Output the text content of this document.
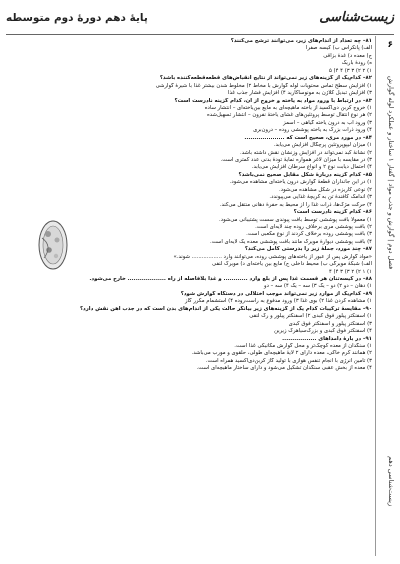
زیست‌شناسی
پایهٔ دهم دورهٔ دوم متوسطه
۶
فصل دوم | گوارش و جذب مواد | گفتار ۱ ساختار و عملکرد لوله گوارش
زیست‌شناسی دهم
۸۱– چه تعداد از اندام‌های زیر، می‌توانند ترشح می‌کنند؟
الف) پانکراس ب) کیسه صفرا
ج) معده د) غدهٔ بزاقی
ه) رودهٔ باریک
۱) ۲ ۲) ۳ ۳) ۴ ۴) ۵
۸۲– کدام‌یک از گزینه‌های زیر نمی‌تواند از نتایج انقباض‌های قطعه‌قطعه‌کننده باشد؟
۱) افزایش سطح تماس محتویات لوله گوارش با مخاط ۲) مخلوط شدن بیشتر غذا با شیرهٔ گوارشی
۳) افزایش تبدیل کلاژن به مونوساکارید ۴) افزایش فشار جذب غذا
۸۳– در ارتباط با ورود مواد به یاخته و خروج از آن، کدام گزینه نادرست است؟
۱) خروج کربن دی‌اکسید از یاخته ماهیچه‌ای به مایع بین‌یاخته‌ای – انتشار ساده
۲) هر نوع انتقال توسط پروتئین‌های غشای یاختهٔ نفرون – انتشار تسهیل‌شده
۳) ورود آب به درون یاخته گیاهی – اسمز
۴) ورود ذرات بزرگ به یاخته پوششی روده – درون‌بری
۸۴– در مورد مری، صحیح است که ....................
۱) میزان لیپوپروتئین پرچگال افزایش می‌یابد.
۲) نشانهٔ کبد نمی‌تواند در افزایش وزنشان نقش داشته باشد.
۳) در مقایسه با میزان لاغر همواره نمایهٔ تودهٔ بدنی عدد کمتری است.
۴) احتمال دیابت نوع ۲ و انواع سرطان افزایش می‌یابد.
۸۵– کدام گزینه دربارهٔ شکل مقابل صحیح نمی‌باشد؟
۱) در این جانداران قطعهٔ گوارش درون یاخته‌ای مشاهده می‌شود.
۲) نوعی کاریزه در شکل مشاهده می‌شود.
۳) اندامک کافندهٔ تن به کریچهٔ غذایی می‌پیوندد.
۴) حرکت مژک‌ها، ذرات غذا را از محیط به حفرهٔ دهانی منتقل می‌کند.
۸۶– کدام گزینه نادرست است؟
۱) معمولاً بافت پوششی توسط بافت پیوندی سست پشتیبانی می‌شود.
۲) بافت پوششی مری برخلاف روده چند لایه‌ای است.
۳) بافت پوششی روده برخلاف کردند از نوع مکعبی است.
۴) بافت پوششی دیوارهٔ مویرگ مانند بافت پوششی معده یک لایه‌ای است.
۸۷– چند مورد، جملهٔ زیر را بدرستی کامل می‌کند؟
«مواد گوارش پس از عبور از یاخته‌های پوششی روده، می‌توانند وارد .................. شوند.»
الف) شبکهٔ مویرگی ب) محیط داخلی ج) مایع بین یاخته‌ای د) مویرگ لنفی
۱) ۱ ۲) ۲ ۳) ۳ ۴) ۴
۸۸– در کیسه‌تنان هر قسمت غذا پس از بلع وارد ............ و غذا بلافاصله از راه ................... خارج می‌شود.
۱) دهان – دو ۲) دو – یک ۳) سه – یک ۴) سه – دو
۸۹– کدام‌یک از موارد زیر نمی‌تواند موجب اختلالی در دستگاه گوارش شود؟
۱) مشاهده کردن غذا ۲) بوی غذا ۳) ورود مدفوع به راست‌روده ۴) استشمام مکرر گاز
۹۰– مقایسهٔ ترکیبات کدام یک از گزینه‌های زیر بیانگر حالت یکی از اندام‌های بدن است که در جذب آهن نقش دارد؟
۱) اسفنکتر پیلور فوق کبدی ۲) اسفنکتر پیلور و رگ لنفی
۳) اسفنکتر پیلور و اسفنکتر فوق کبدی
۴) اسفنکتر فوق کبدی و بزرگ‌سیاهرگ زیرین
۹۱– در بارهٔ دامداهای .................
۱) سنگدان از معده کوچک‌تر و محل گوارش مکانیکی غذا است.
۲) همانند کرم خاکی، معده دارای ۲ لایهٔ ماهیچه‌ای طولی، حلقوی و مورب می‌باشد.
۳) تأمین انرژی با انجام تنفس هوازی با تولید گاز کربن‌دی‌اکسید همراه است.
۴) معده از بخش عقبی سنگدان تشکیل می‌شود و دارای ساختار ماهیچه‌ای است.
